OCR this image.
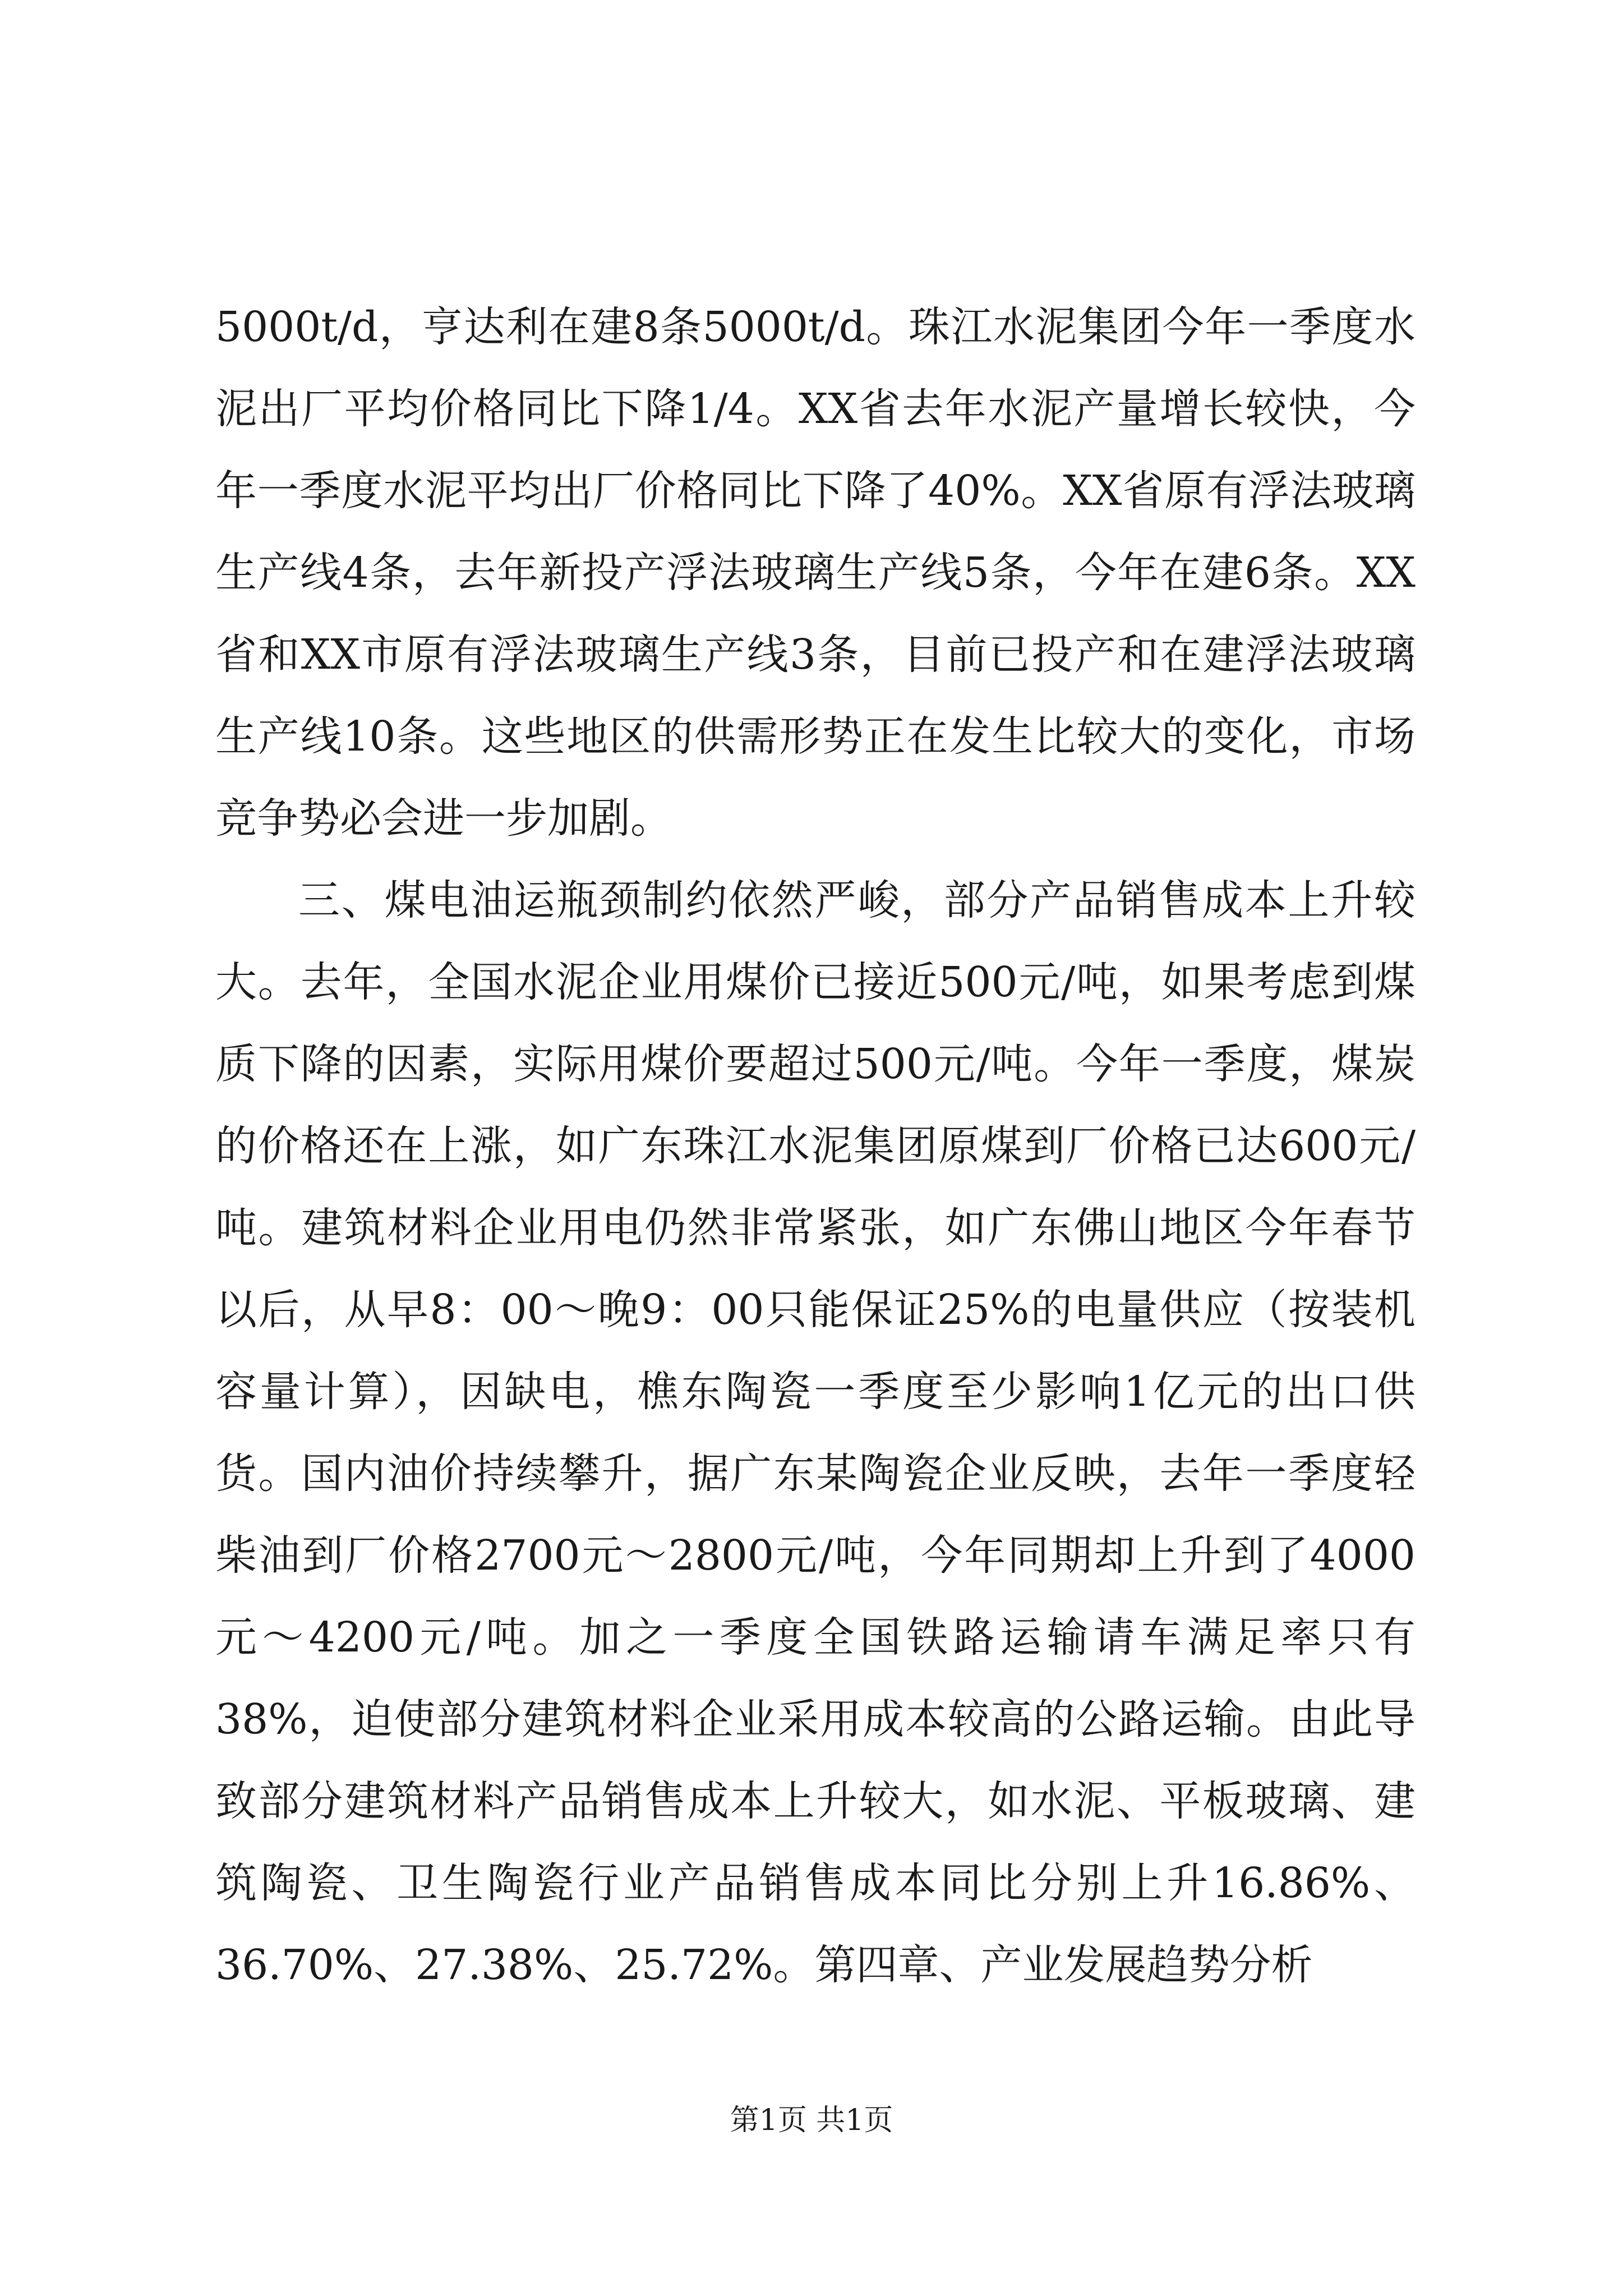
5000t/d，亨达利在建8条5000t/d。珠江水泥集团今年一季度水泥出厂平均价格同比下降1/4。XX省去年水泥产量增长较快，今年一季度水泥平均出厂价格同比下降了40%。XX省原有浮法玻璃生产线4条，去年新投产浮法玻璃生产线5条，今年在建6条。XX省和XX市原有浮法玻璃生产线3条，目前已投产和在建浮法玻璃生产线10条。这些地区的供需形势正在发生比较大的变化，市场竞争势必会进一步加剧。

三、煤电油运瓶颈制约依然严峻，部分产品销售成本上升较大。去年，全国水泥企业用煤价已接近500元/吨，如果考虑到煤质下降的因素，实际用煤价要超过500元/吨。今年一季度，煤炭的价格还在上涨，如广东珠江水泥集团原煤到厂价格已达600元/吨。建筑材料企业用电仍然非常紧张，如广东佛山地区今年春节以后，从早8：00～晚9：00只能保证25%的电量供应（按装机容量计算），因缺电，樵东陶瓷一季度至少影响1亿元的出口供货。国内油价持续攀升，据广东某陶瓷企业反映，去年一季度轻柴油到厂价格2700元～2800元/吨，今年同期却上升到了4000元～4200元/吨。加之一季度全国铁路运输请车满足率只有38%，迫使部分建筑材料企业采用成本较高的公路运输。由此导致部分建筑材料产品销售成本上升较大，如水泥、平板玻璃、建筑陶瓷、卫生陶瓷行业产品销售成本同比分别上升16.86%、36.70%、27.38%、25.72%。第四章、产业发展趋势分析

第1页 共1页
